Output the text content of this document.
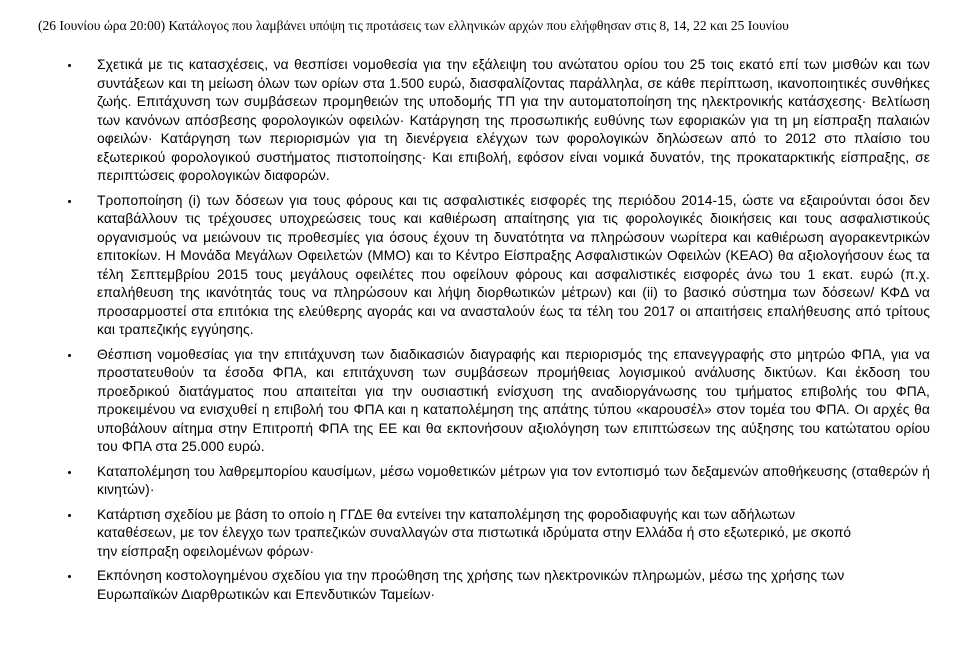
(26 Ιουνίου ώρα 20:00) Κατάλογος που λαμβάνει υπόψη τις προτάσεις των ελληνικών αρχών που ελήφθησαν στις 8, 14, 22 και 25 Ιουνίου
Σχετικά με τις κατασχέσεις, να θεσπίσει νομοθεσία για την εξάλειψη του ανώτατου ορίου του 25 τοις εκατό επί των μισθών και των συντάξεων και τη μείωση όλων των ορίων στα 1.500 ευρώ, διασφαλίζοντας παράλληλα, σε κάθε περίπτωση, ικανοποιητικές συνθήκες ζωής. Επιτάχυνση των συμβάσεων προμηθειών της υποδομής ΤΠ για την αυτοματοποίηση της ηλεκτρονικής κατάσχεσης· Βελτίωση των κανόνων απόσβεσης φορολογικών οφειλών· Κατάργηση της προσωπικής ευθύνης των εφοριακών για τη μη είσπραξη παλαιών οφειλών· Κατάργηση των περιορισμών για τη διενέργεια ελέγχων των φορολογικών δηλώσεων από το 2012 στο πλαίσιο του εξωτερικού φορολογικού συστήματος πιστοποίησης· Και επιβολή, εφόσον είναι νομικά δυνατόν, της προκαταρκτικής είσπραξης, σε περιπτώσεις φορολογικών διαφορών.
Τροποποίηση (i) των δόσεων για τους φόρους και τις ασφαλιστικές εισφορές της περιόδου 2014-15, ώστε να εξαιρούνται όσοι δεν καταβάλλουν τις τρέχουσες υποχρεώσεις τους και καθιέρωση απαίτησης για τις φορολογικές διοικήσεις και τους ασφαλιστικούς οργανισμούς να μειώνουν τις προθεσμίες για όσους έχουν τη δυνατότητα να πληρώσουν νωρίτερα και καθιέρωση αγορακεντρικών επιτοκίων. Η Μονάδα Μεγάλων Οφειλετών (ΜΜΟ) και το Κέντρο Είσπραξης Ασφαλιστικών Οφειλών (ΚΕΑΟ) θα αξιολογήσουν έως τα τέλη Σεπτεμβρίου 2015 τους μεγάλους οφειλέτες που οφείλουν φόρους και ασφαλιστικές εισφορές άνω του 1 εκατ. ευρώ (π.χ. επαλήθευση της ικανότητάς τους να πληρώσουν και λήψη διορθωτικών μέτρων) και (ii) το βασικό σύστημα των δόσεων/ ΚΦΔ να προσαρμοστεί στα επιτόκια της ελεύθερης αγοράς και να ανασταλούν έως τα τέλη του 2017 οι απαιτήσεις επαλήθευσης από τρίτους και τραπεζικής εγγύησης.
Θέσπιση νομοθεσίας για την επιτάχυνση των διαδικασιών διαγραφής και περιορισμός της επανεγγραφής στο μητρώο ΦΠΑ, για να προστατευθούν τα έσοδα ΦΠΑ, και επιτάχυνση των συμβάσεων προμήθειας λογισμικού ανάλυσης δικτύων. Και έκδοση του προεδρικού διατάγματος που απαιτείται για την ουσιαστική ενίσχυση της αναδιοργάνωσης του τμήματος επιβολής του ΦΠΑ, προκειμένου να ενισχυθεί η επιβολή του ΦΠΑ και η καταπολέμηση της απάτης τύπου «καρουσέλ» στον τομέα του ΦΠΑ. Οι αρχές θα υποβάλουν αίτημα στην Επιτροπή ΦΠΑ της ΕΕ και θα εκπονήσουν αξιολόγηση των επιπτώσεων της αύξησης του κατώτατου ορίου του ΦΠΑ στα 25.000 ευρώ.
Καταπολέμηση του λαθρεμπορίου καυσίμων, μέσω νομοθετικών μέτρων για τον εντοπισμό των δεξαμενών αποθήκευσης (σταθερών ή κινητών)·
Κατάρτιση σχεδίου με βάση το οποίο η ΓΓΔΕ θα εντείνει την καταπολέμηση της φοροδιαφυγής και των αδήλωτων καταθέσεων, με τον έλεγχο των τραπεζικών συναλλαγών στα πιστωτικά ιδρύματα στην Ελλάδα ή στο εξωτερικό, με σκοπό την είσπραξη οφειλομένων φόρων·
Εκπόνηση κοστολογημένου σχεδίου για την προώθηση της χρήσης των ηλεκτρονικών πληρωμών, μέσω της χρήσης των Ευρωπαϊκών Διαρθρωτικών και Επενδυτικών Ταμείων·
